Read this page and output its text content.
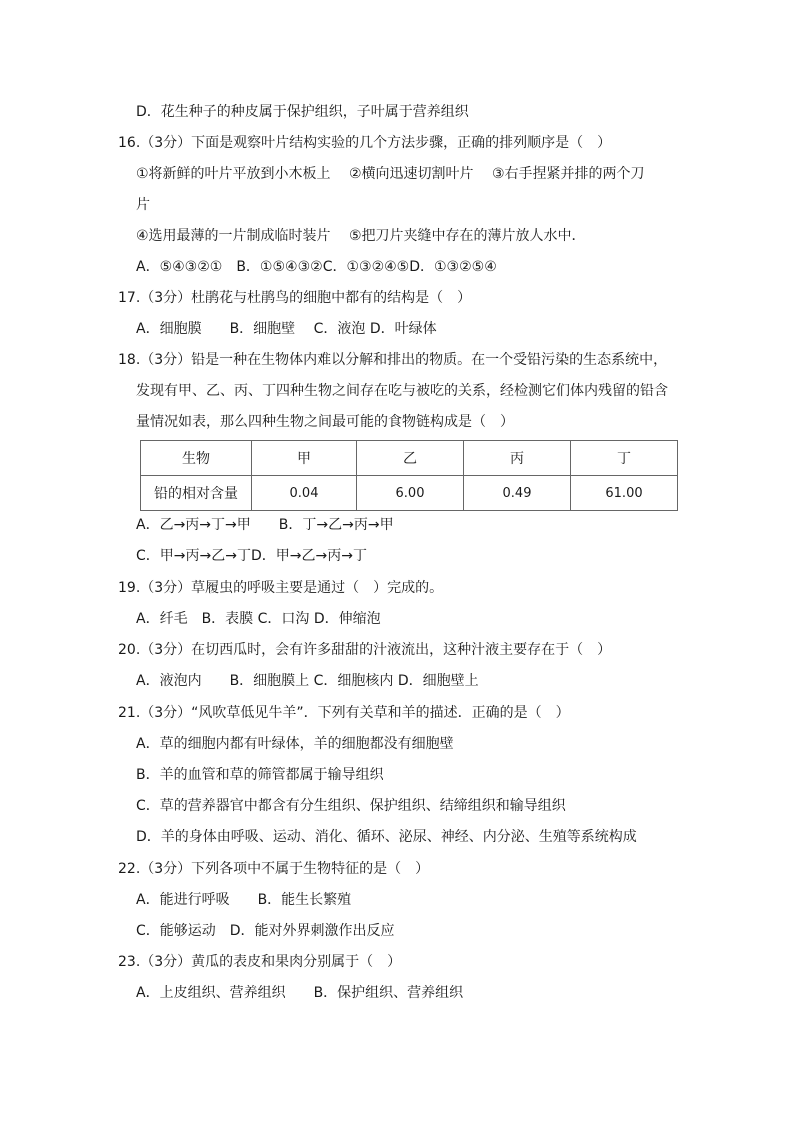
D．花生种子的种皮属于保护组织，子叶属于营养组织
16.（3分）下面是观察叶片结构实验的几个方法步骤，正确的排列顺序是（　）
①将新鲜的叶片平放到小木板上　 ②横向迅速切割叶片　 ③右手捏紧并排的两个刀
片
④选用最薄的一片制成临时装片　 ⑤把刀片夹缝中存在的薄片放人水中．
A．⑤④③②①　B．①⑤④③②C．①③②④⑤D．①③②⑤④
17.（3分）杜鹃花与杜鹃鸟的细胞中都有的结构是（　）
A．细胞膜　　B．细胞壁　 C．液泡 D．叶绿体
18.（3分）铅是一种在生物体内难以分解和排出的物质。在一个受铅污染的生态系统中，
发现有甲、乙、丙、丁四种生物之间存在吃与被吃的关系，经检测它们体内残留的铅含
量情况如表，那么四种生物之间最可能的食物链构成是（　）
生物	甲	乙	丙	丁
铅的相对含量	0.04	6.00	0.49	61.00
A．乙→丙→丁→甲　　B．丁→乙→丙→甲
C．甲→丙→乙→丁D．甲→乙→丙→丁
19.（3分）草履虫的呼吸主要是通过（　）完成的。
A．纤毛　B．表膜 C．口沟 D．伸缩泡
20.（3分）在切西瓜时，会有许多甜甜的汁液流出，这种汁液主要存在于（　）
A．液泡内　　B．细胞膜上 C．细胞核内 D．细胞壁上
21.（3分）“风吹草低见牛羊”．下列有关草和羊的描述．正确的是（　）
A．草的细胞内都有叶绿体，羊的细胞都没有细胞壁
B．羊的血管和草的筛管都属于输导组织
C．草的营养器官中都含有分生组织、保护组织、结缔组织和输导组织
D．羊的身体由呼吸、运动、消化、循环、泌尿、神经、内分泌、生殖等系统构成
22.（3分）下列各项中不属于生物特征的是（　）
A．能进行呼吸　　B．能生长繁殖
C．能够运动　D．能对外界刺激作出反应
23.（3分）黄瓜的表皮和果肉分别属于（　）
A．上皮组织、营养组织　　B．保护组织、营养组织
